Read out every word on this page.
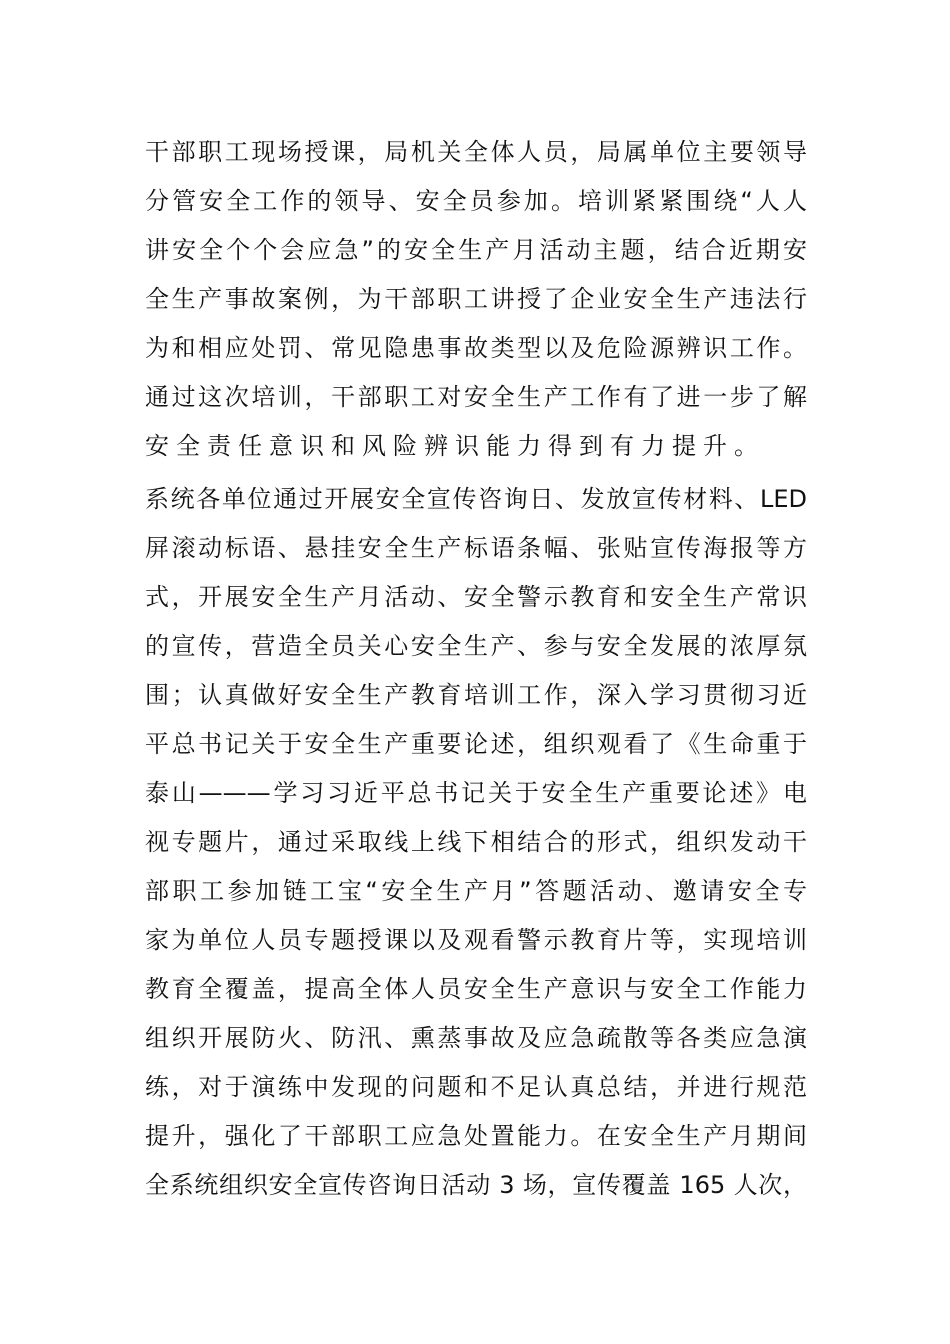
干部职工现场授课，局机关全体人员，局属单位主要领导
分管安全工作的领导、安全员参加。培训紧紧围绕“人人
讲安全个个会应急”的安全生产月活动主题，结合近期安
全生产事故案例，为干部职工讲授了企业安全生产违法行
为和相应处罚、常见隐患事故类型以及危险源辨识工作。
通过这次培训，干部职工对安全生产工作有了进一步了解
安全责任意识和风险辨识能力得到有力提升。
系统各单位通过开展安全宣传咨询日、发放宣传材料、LED
屏滚动标语、悬挂安全生产标语条幅、张贴宣传海报等方
式，开展安全生产月活动、安全警示教育和安全生产常识
的宣传，营造全员关心安全生产、参与安全发展的浓厚氛
围；认真做好安全生产教育培训工作，深入学习贯彻习近
平总书记关于安全生产重要论述，组织观看了《生命重于
泰山———学习习近平总书记关于安全生产重要论述》电
视专题片，通过采取线上线下相结合的形式，组织发动干
部职工参加链工宝“安全生产月”答题活动、邀请安全专
家为单位人员专题授课以及观看警示教育片等，实现培训
教育全覆盖，提高全体人员安全生产意识与安全工作能力
组织开展防火、防汛、熏蒸事故及应急疏散等各类应急演
练，对于演练中发现的问题和不足认真总结，并进行规范
提升，强化了干部职工应急处置能力。在安全生产月期间
全系统组织安全宣传咨询日活动 3 场，宣传覆盖 165 人次，
